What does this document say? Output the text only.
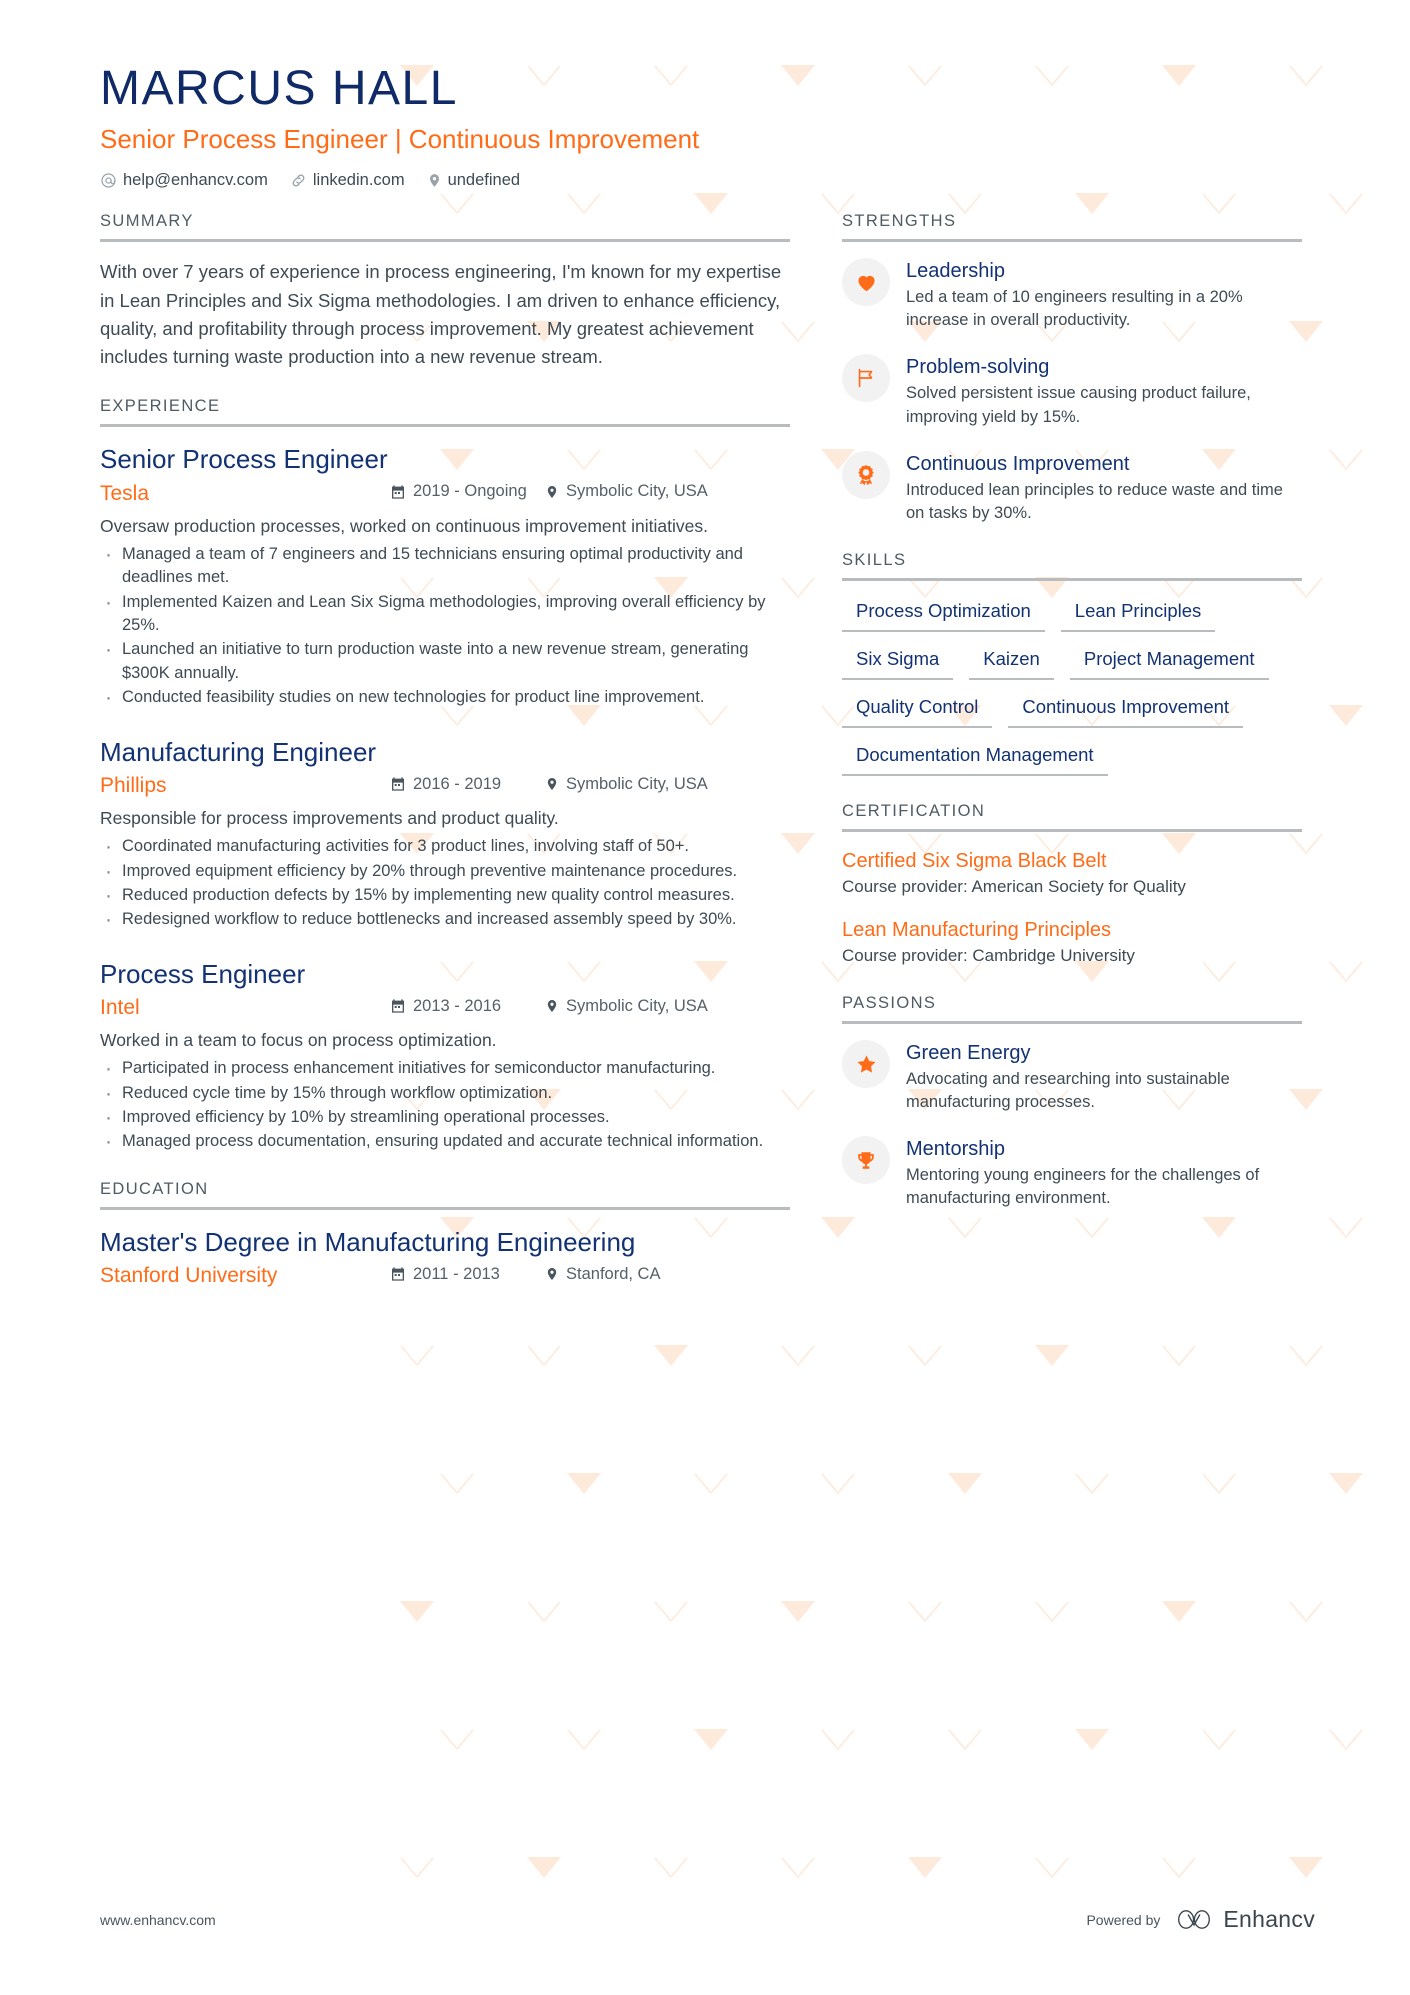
MARCUS HALL
Senior Process Engineer | Continuous Improvement
help@enhancv.com	linkedin.com	undefined
SUMMARY
With over 7 years of experience in process engineering, I'm known for my expertise in Lean Principles and Six Sigma methodologies. I am driven to enhance efficiency, quality, and profitability through process improvement. My greatest achievement includes turning waste production into a new revenue stream.
EXPERIENCE
Senior Process Engineer
Tesla	2019 - Ongoing Symbolic City, USA
Oversaw production processes, worked on continuous improvement initiatives.
· Managed a team of 7 engineers and 15 technicians ensuring optimal productivity and deadlines met.
· Implemented Kaizen and Lean Six Sigma methodologies, improving overall efficiency by 25%.
· Launched an initiative to turn production waste into a new revenue stream, generating $300K annually.
· Conducted feasibility studies on new technologies for product line improvement.
Manufacturing Engineer
Phillips	2016 - 2019	Symbolic City, USA
Responsible for process improvements and product quality.
· Coordinated manufacturing activities for 3 product lines, involving staff of 50+.
· Improved equipment efficiency by 20% through preventive maintenance procedures.
· Reduced production defects by 15% by implementing new quality control measures.
· Redesigned workflow to reduce bottlenecks and increased assembly speed by 30%.
Process Engineer
Intel	2013 - 2016	Symbolic City, USA
Worked in a team to focus on process optimization.
· Participated in process enhancement initiatives for semiconductor manufacturing.
· Reduced cycle time by 15% through workflow optimization.
· Improved efficiency by 10% by streamlining operational processes.
· Managed process documentation, ensuring updated and accurate technical information.
EDUCATION
Master's Degree in Manufacturing Engineering
Stanford University	2011 - 2013	Stanford, CA
STRENGTHS
Leadership
Led a team of 10 engineers resulting in a 20% increase in overall productivity.
Problem-solving
Solved persistent issue causing product failure, improving yield by 15%.
Continuous Improvement
Introduced lean principles to reduce waste and time on tasks by 30%.
SKILLS
Process Optimization	Lean Principles
Six Sigma	Kaizen	Project Management
Quality Control	Continuous Improvement
Documentation Management
CERTIFICATION
Certified Six Sigma Black Belt
Course provider: American Society for Quality
Lean Manufacturing Principles
Course provider: Cambridge University
PASSIONS
Green Energy
Advocating and researching into sustainable manufacturing processes.
Mentorship
Mentoring young engineers for the challenges of manufacturing environment.
www.enhancv.com	Powered by	Enhancv
